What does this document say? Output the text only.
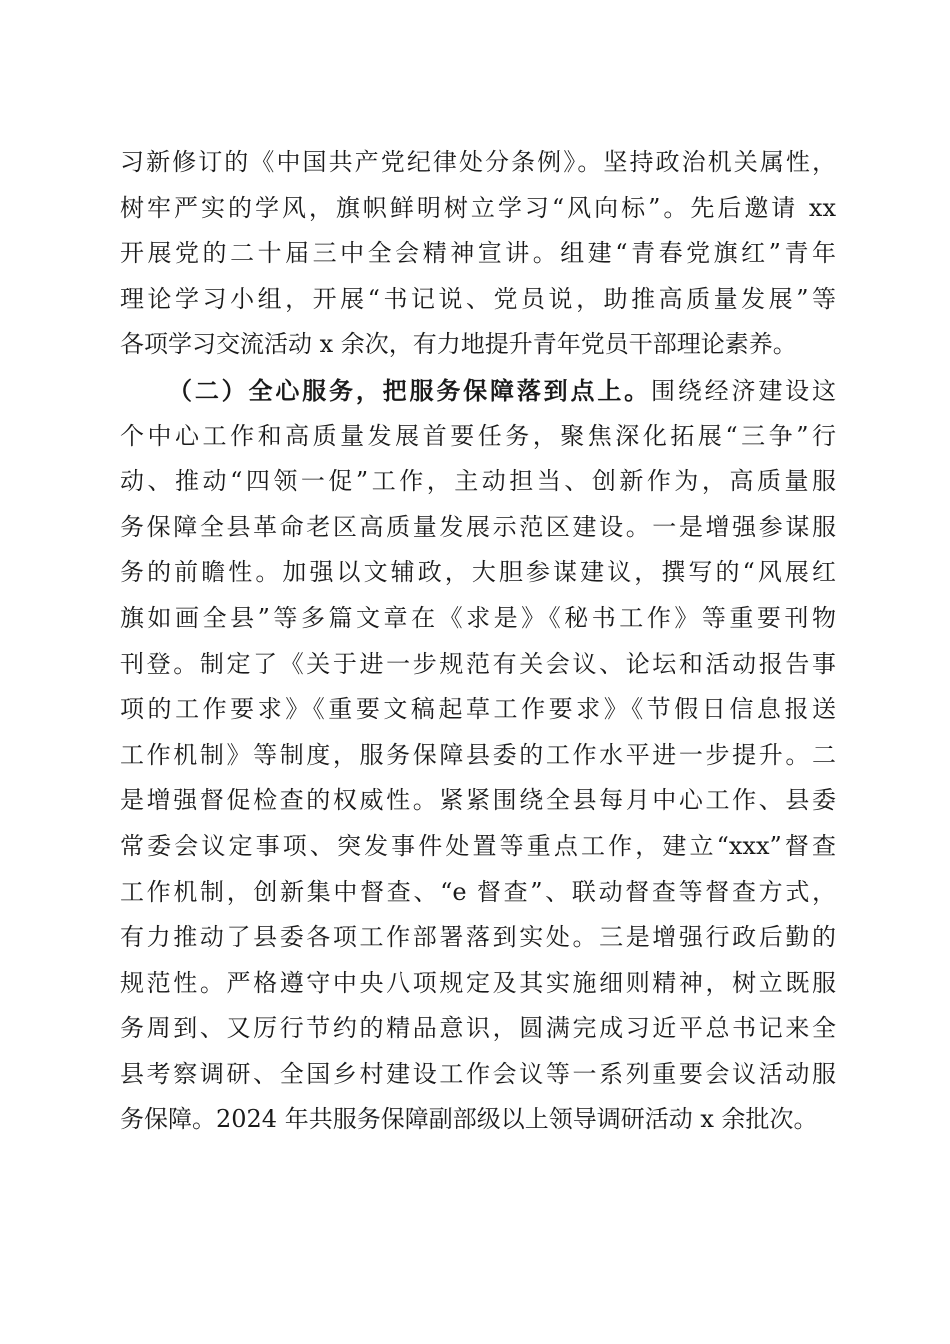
习新修订的《中国共产党纪律处分条例》。坚持政治机关属性，
树牢严实的学风，旗帜鲜明树立学习“风向标”。先后邀请 xx
开展党的二十届三中全会精神宣讲。组建“青春党旗红”青年
理论学习小组，开展“书记说、党员说，助推高质量发展”等
各项学习交流活动 x 余次，有力地提升青年党员干部理论素养。
（二）全心服务，把服务保障落到点上。围绕经济建设这
个中心工作和高质量发展首要任务，聚焦深化拓展“三争”行
动、推动“四领一促”工作，主动担当、创新作为，高质量服
务保障全县革命老区高质量发展示范区建设。一是增强参谋服
务的前瞻性。加强以文辅政，大胆参谋建议，撰写的“风展红
旗如画全县”等多篇文章在《求是》《秘书工作》等重要刊物
刊登。制定了《关于进一步规范有关会议、论坛和活动报告事
项的工作要求》《重要文稿起草工作要求》《节假日信息报送
工作机制》等制度，服务保障县委的工作水平进一步提升。二
是增强督促检查的权威性。紧紧围绕全县每月中心工作、县委
常委会议定事项、突发事件处置等重点工作，建立“xxx”督查
工作机制，创新集中督查、“e 督查”、联动督查等督查方式，
有力推动了县委各项工作部署落到实处。三是增强行政后勤的
规范性。严格遵守中央八项规定及其实施细则精神，树立既服
务周到、又厉行节约的精品意识，圆满完成习近平总书记来全
县考察调研、全国乡村建设工作会议等一系列重要会议活动服
务保障。2024 年共服务保障副部级以上领导调研活动 x 余批次。
